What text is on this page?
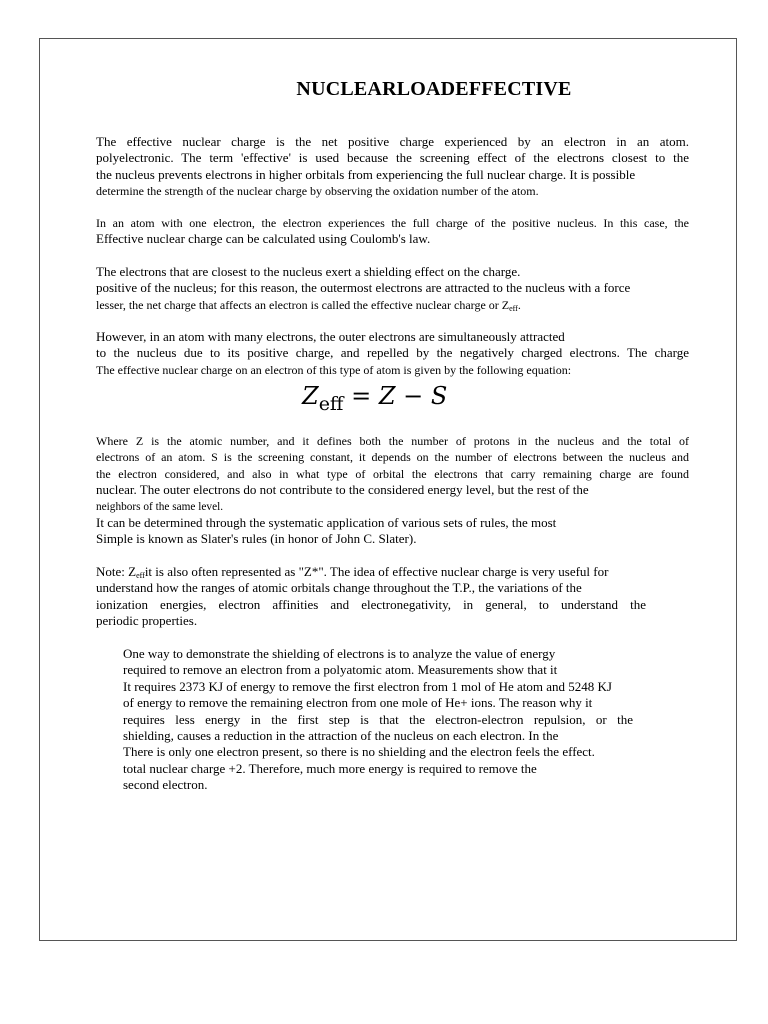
NUCLEARLOADEFFECTIVE
The effective nuclear charge is the net positive charge experienced by an electron in an atom.
polyelectronic. The term 'effective' is used because the screening effect of the electrons closest to the
the nucleus prevents electrons in higher orbitals from experiencing the full nuclear charge. It is possible
determine the strength of the nuclear charge by observing the oxidation number of the atom.
In an atom with one electron, the electron experiences the full charge of the positive nucleus. In this case, the
Effective nuclear charge can be calculated using Coulomb's law.
The electrons that are closest to the nucleus exert a shielding effect on the charge.
positive of the nucleus; for this reason, the outermost electrons are attracted to the nucleus with a force
lesser, the net charge that affects an electron is called the effective nuclear charge or $Z_{eff}$.
However, in an atom with many electrons, the outer electrons are simultaneously attracted
to the nucleus due to its positive charge, and repelled by the negatively charged electrons. The charge
The effective nuclear charge on an electron of this type of atom is given by the following equation:
$Z_{eff} = Z - S$
Where Z is the atomic number, and it defines both the number of protons in the nucleus and the total of
electrons of an atom. S is the screening constant, it depends on the number of electrons between the nucleus and
the electron considered, and also in what type of orbital the electrons that carry remaining charge are found
nuclear. The outer electrons do not contribute to the considered energy level, but the rest of the
neighbors of the same level.
It can be determined through the systematic application of various sets of rules, the most
Simple is known as Slater's rules (in honor of John C. Slater).
Note: $Z_{eff}it$ is also often represented as "Z*". The idea of effective nuclear charge is very useful for
understand how the ranges of atomic orbitals change throughout the T.P., the variations of the
ionization energies, electron affinities and electronegativity, in general, to understand the
periodic properties.
One way to demonstrate the shielding of electrons is to analyze the value of energy
required to remove an electron from a polyatomic atom. Measurements show that it
It requires 2373 KJ of energy to remove the first electron from 1 mol of He atom and 5248 KJ
of energy to remove the remaining electron from one mole of He+ ions. The reason why it
requires less energy in the first step is that the electron-electron repulsion, or the
shielding, causes a reduction in the attraction of the nucleus on each electron. In the
There is only one electron present, so there is no shielding and the electron feels the effect.
total nuclear charge +2. Therefore, much more energy is required to remove the
second electron.
